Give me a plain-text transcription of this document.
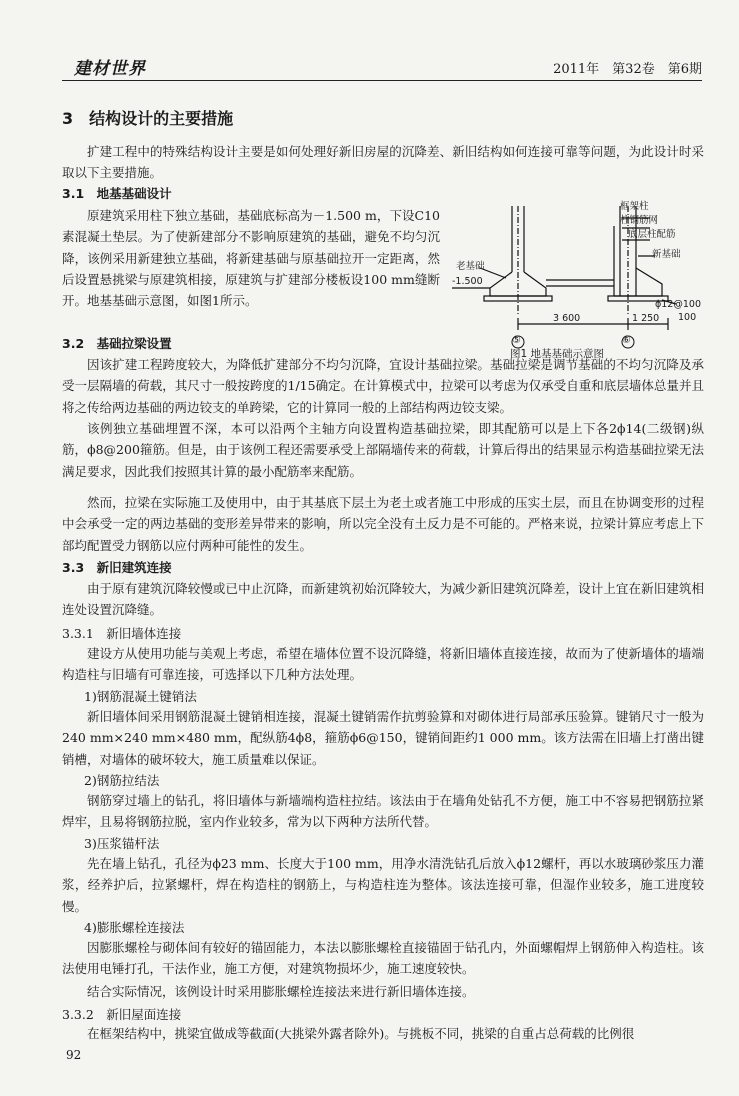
建材世界	2011年　第32卷　第6期
3　结构设计的主要措施

扩建工程中的特殊结构设计主要是如何处理好新旧房屋的沉降差、新旧结构如何连接可靠等问题，为此设计时采取以下主要措施。

3.1　地基基础设计

原建筑采用柱下独立基础，基础底标高为－1.500 m，下设C10素混凝土垫层。为了使新建部分不影响原建筑的基础，避免不均匀沉降，该例采用新建独立基础，将新建基础与原基础拉开一定距离，然后设置悬挑梁与原建筑相接，原建筑与扩建部分楼板设100 mm缝断开。地基基础示意图，如图1所示。

框架柱
柱钢筋网
底层柱配筋
新基础
老基础
-1.500
3 600	1 250 100
ϕ12@100
⑤	⑥
图1 地基基础示意图
3.2　基础拉梁设置

因该扩建工程跨度较大，为降低扩建部分不均匀沉降，宜设计基础拉梁。基础拉梁是调节基础的不均匀沉降及承受一层隔墙的荷载，其尺寸一般按跨度的1/15确定。在计算模式中，拉梁可以考虑为仅承受自重和底层墙体总量并且将之传给两边基础的两边铰支的单跨梁，它的计算同一般的上部结构两边铰支梁。

该例独立基础埋置不深，本可以沿两个主轴方向设置构造基础拉梁，即其配筋可以是上下各2ϕ14(二级钢)纵筋，ϕ8@200箍筋。但是，由于该例工程还需要承受上部隔墙传来的荷载，计算后得出的结果显示构造基础拉梁无法满足要求，因此我们按照其计算的最小配筋率来配筋。

然而，拉梁在实际施工及使用中，由于其基底下层土为老土或者施工中形成的压实土层，而且在协调变形的过程中会承受一定的两边基础的变形差异带来的影响，所以完全没有土反力是不可能的。严格来说，拉梁计算应考虑上下部均配置受力钢筋以应付两种可能性的发生。

3.3　新旧建筑连接

由于原有建筑沉降较慢或已中止沉降，而新建筑初始沉降较大，为减少新旧建筑沉降差，设计上宜在新旧建筑相连处设置沉降缝。

3.3.1　新旧墙体连接

建设方从使用功能与美观上考虑，希望在墙体位置不设沉降缝，将新旧墙体直接连接，故而为了使新墙体的墙端构造柱与旧墙有可靠连接，可选择以下几种方法处理。

1)钢筋混凝土键销法

新旧墙体间采用钢筋混凝土键销相连接，混凝土键销需作抗剪验算和对砌体进行局部承压验算。键销尺寸一般为240 mm×240 mm×480 mm，配纵筋4ϕ8，箍筋ϕ6@150，键销间距约1 000 mm。该方法需在旧墙上打凿出键销槽，对墙体的破坏较大，施工质量难以保证。

2)钢筋拉结法

钢筋穿过墙上的钻孔，将旧墙体与新墙端构造柱拉结。该法由于在墙角处钻孔不方便，施工中不容易把钢筋拉紧焊牢，且易将钢筋拉脱，室内作业较多，常为以下两种方法所代替。

3)压浆锚杆法

先在墙上钻孔，孔径为ϕ23 mm、长度大于100 mm，用净水清洗钻孔后放入ϕ12螺杆，再以水玻璃砂浆压力灌浆，经养护后，拉紧螺杆，焊在构造柱的钢筋上，与构造柱连为整体。该法连接可靠，但湿作业较多，施工进度较慢。

4)膨胀螺栓连接法

因膨胀螺栓与砌体间有较好的锚固能力，本法以膨胀螺栓直接锚固于钻孔内，外面螺帽焊上钢筋伸入构造柱。该法使用电锤打孔，干法作业，施工方便，对建筑物损坏少，施工速度较快。

结合实际情况，该例设计时采用膨胀螺栓连接法来进行新旧墙体连接。

3.3.2　新旧屋面连接

在框架结构中，挑梁宜做成等截面(大挑梁外露者除外)。与挑板不同，挑梁的自重占总荷载的比例很

92
